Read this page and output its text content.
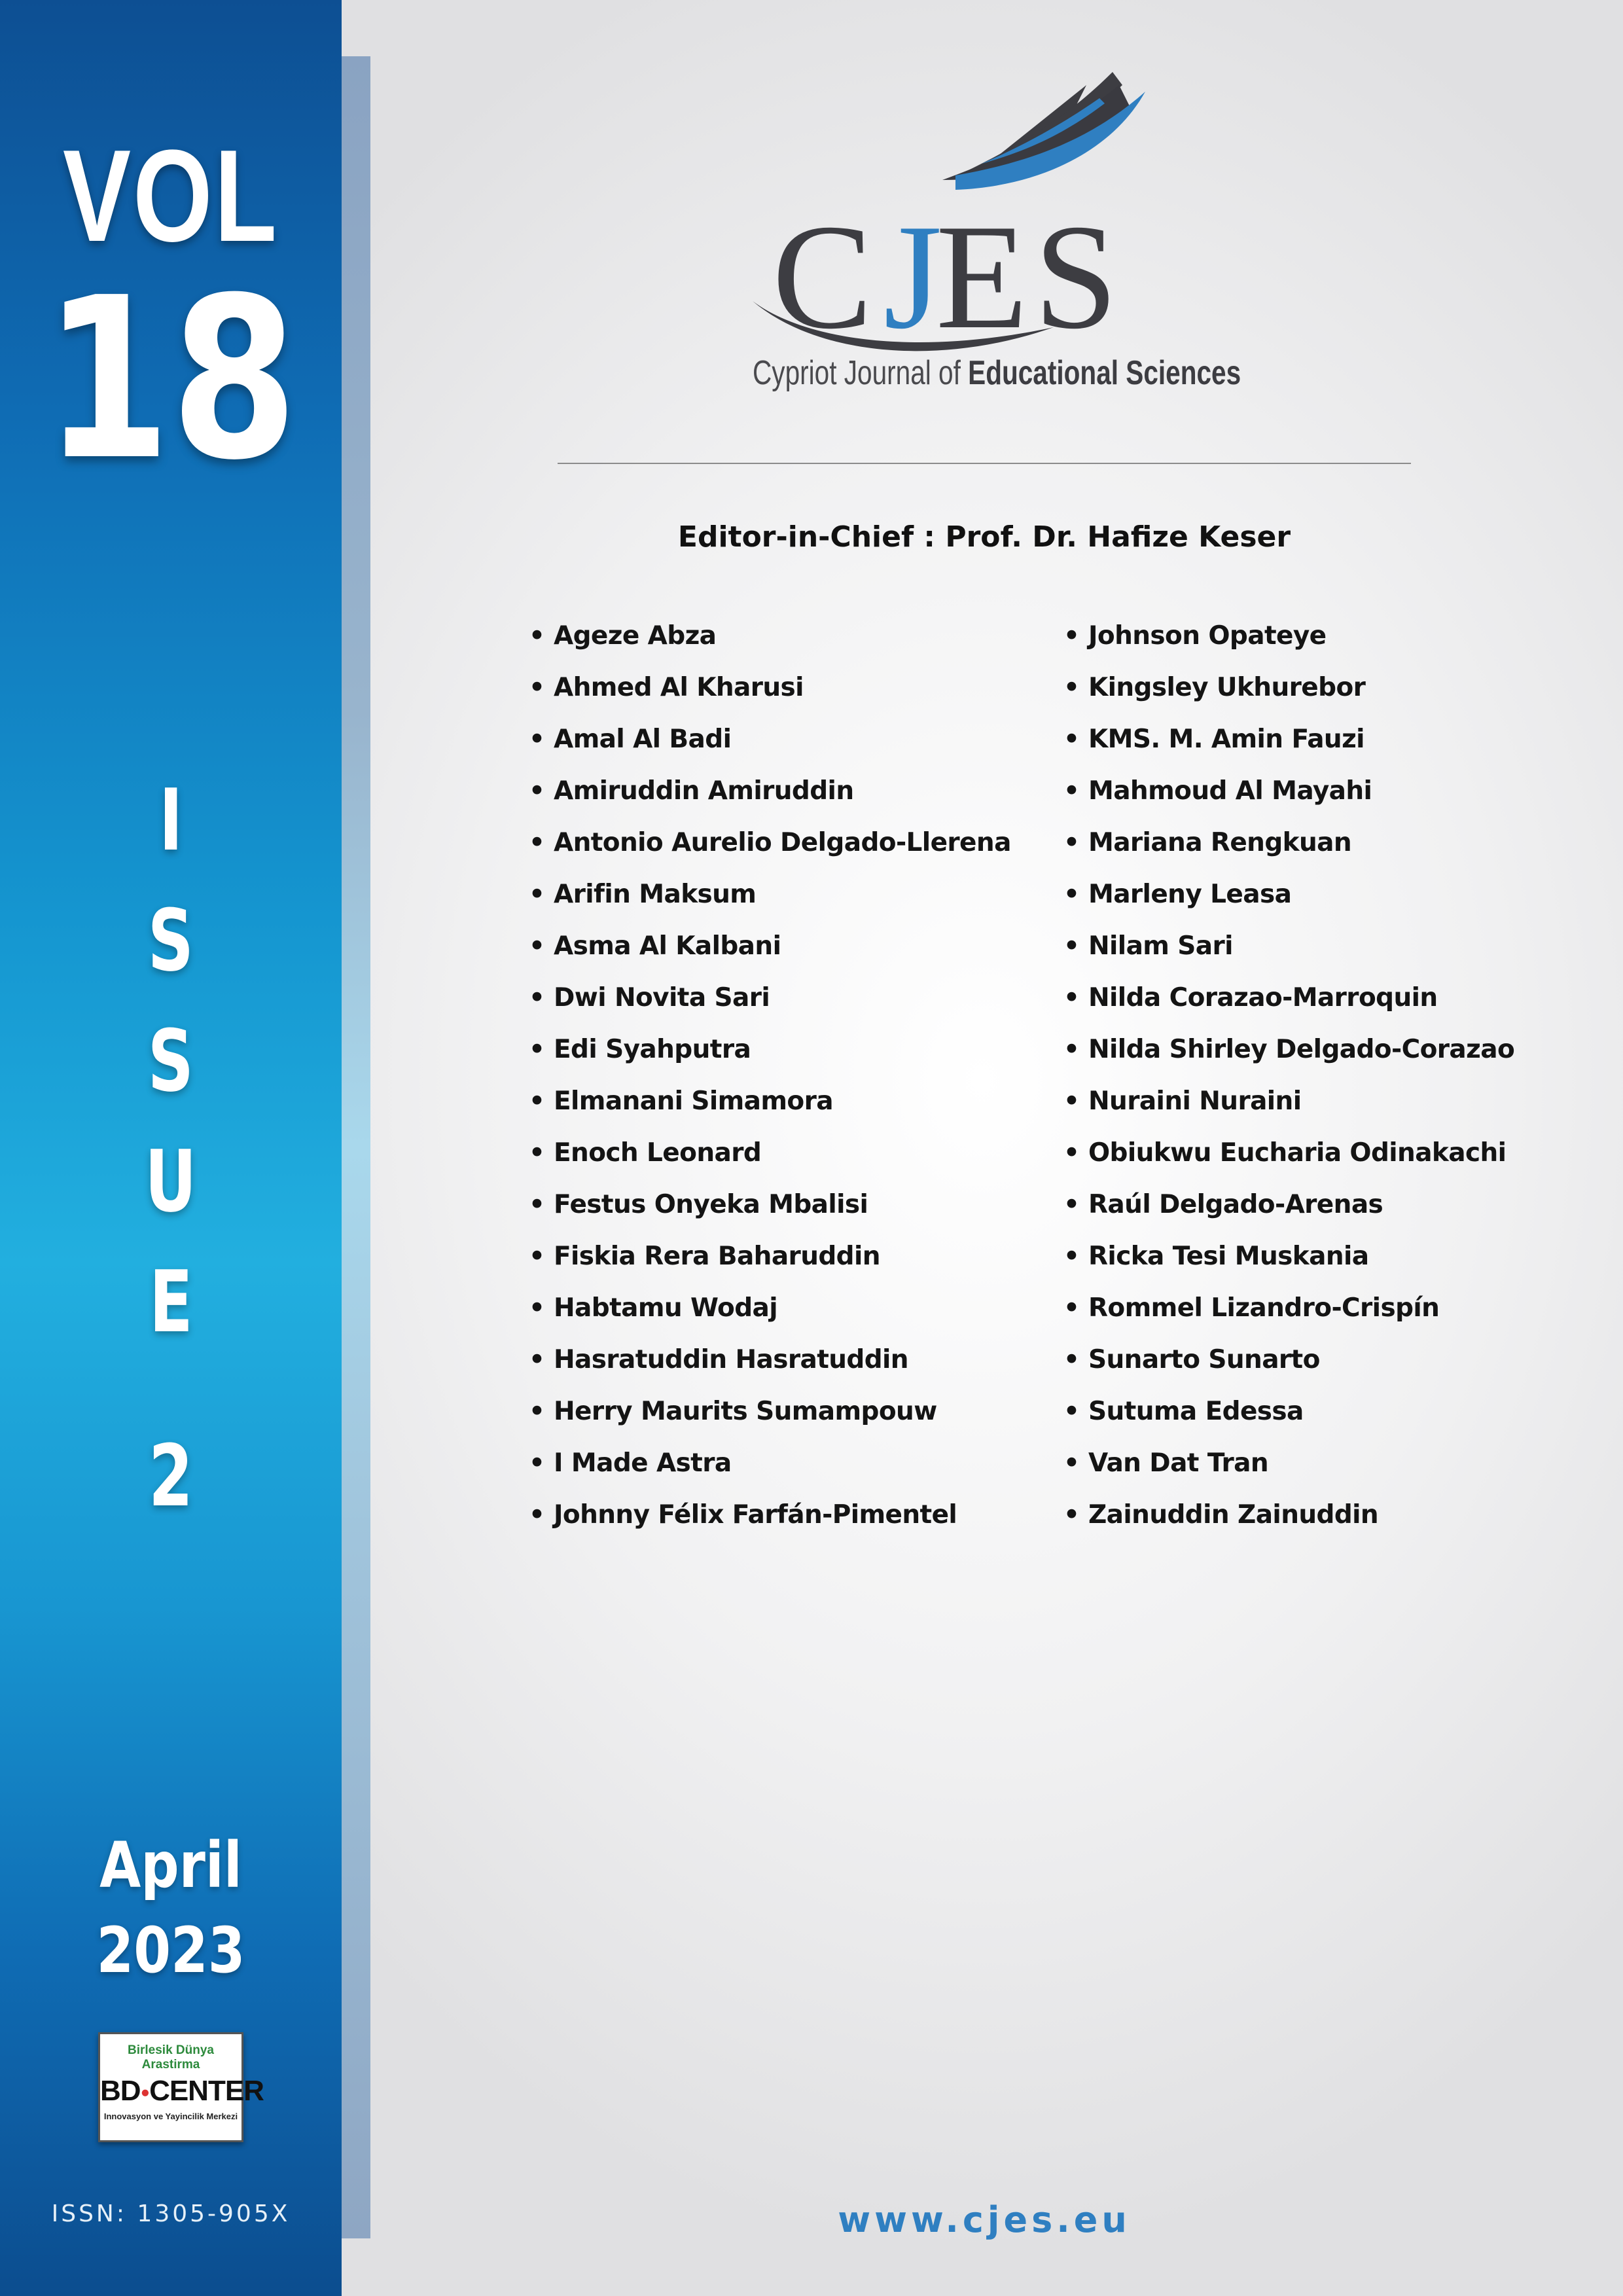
VOL
18
I
S
S
U
E
2
April
2023
Birlesik Dünya Arastirma
BD●CENTER
Innovasyon ve Yayincilik Merkezi
ISSN: 1305-905X
C J
E S
Cypriot Journal of Educational Sciences
Editor-in-Chief : Prof. Dr. Hafize Keser
• Ageze Abza
• Ahmed Al Kharusi
• Amal Al Badi
• Amiruddin Amiruddin
• Antonio Aurelio Delgado-Llerena
• Arifin Maksum
• Asma Al Kalbani
• Dwi Novita Sari
• Edi Syahputra
• Elmanani Simamora
• Enoch Leonard
• Festus Onyeka Mbalisi
• Fiskia Rera Baharuddin
• Habtamu Wodaj
• Hasratuddin Hasratuddin
• Herry Maurits Sumampouw
• I Made Astra
• Johnny Félix Farfán-Pimentel
• Johnson Opateye
• Kingsley Ukhurebor
• KMS. M. Amin Fauzi
• Mahmoud Al Mayahi
• Mariana Rengkuan
• Marleny Leasa
• Nilam Sari
• Nilda Corazao-Marroquin
• Nilda Shirley Delgado-Corazao
• Nuraini Nuraini
• Obiukwu Eucharia Odinakachi
• Raúl Delgado-Arenas
• Ricka Tesi Muskania
• Rommel Lizandro-Crispín
• Sunarto Sunarto
• Sutuma Edessa
• Van Dat Tran
• Zainuddin Zainuddin
www.cjes.eu
